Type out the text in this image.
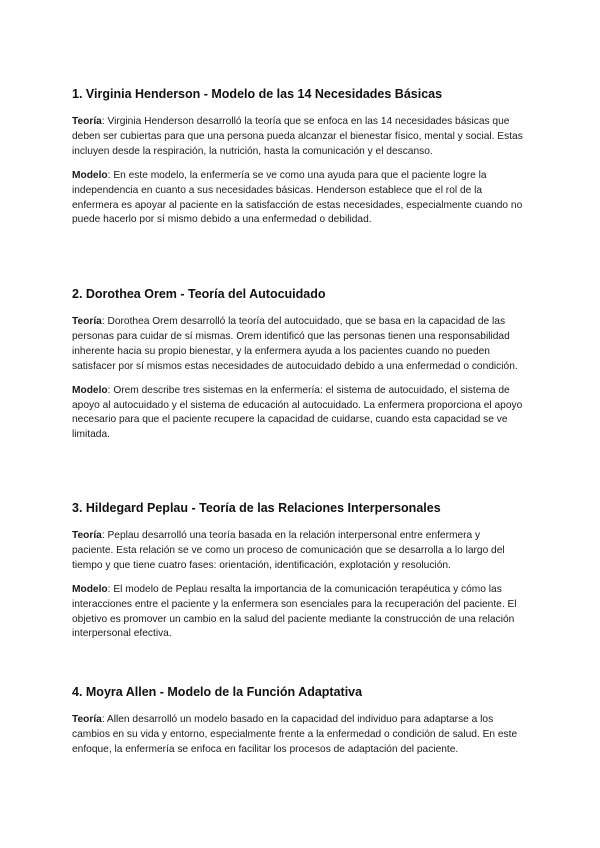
1. Virginia Henderson - Modelo de las 14 Necesidades Básicas

Teoría: Virginia Henderson desarrolló la teoría que se enfoca en las 14 necesidades básicas que deben ser cubiertas para que una persona pueda alcanzar el bienestar físico, mental y social. Estas incluyen desde la respiración, la nutrición, hasta la comunicación y el descanso.

Modelo: En este modelo, la enfermería se ve como una ayuda para que el paciente logre la independencia en cuanto a sus necesidades básicas. Henderson establece que el rol de la enfermera es apoyar al paciente en la satisfacción de estas necesidades, especialmente cuando no puede hacerlo por sí mismo debido a una enfermedad o debilidad.

2. Dorothea Orem - Teoría del Autocuidado

Teoría: Dorothea Orem desarrolló la teoría del autocuidado, que se basa en la capacidad de las personas para cuidar de sí mismas. Orem identificó que las personas tienen una responsabilidad inherente hacia su propio bienestar, y la enfermera ayuda a los pacientes cuando no pueden satisfacer por sí mismos estas necesidades de autocuidado debido a una enfermedad o condición.

Modelo: Orem describe tres sistemas en la enfermería: el sistema de autocuidado, el sistema de apoyo al autocuidado y el sistema de educación al autocuidado. La enfermera proporciona el apoyo necesario para que el paciente recupere la capacidad de cuidarse, cuando esta capacidad se ve limitada.

3. Hildegard Peplau - Teoría de las Relaciones Interpersonales

Teoría: Peplau desarrolló una teoría basada en la relación interpersonal entre enfermera y paciente. Esta relación se ve como un proceso de comunicación que se desarrolla a lo largo del tiempo y que tiene cuatro fases: orientación, identificación, explotación y resolución.

Modelo: El modelo de Peplau resalta la importancia de la comunicación terapéutica y cómo las interacciones entre el paciente y la enfermera son esenciales para la recuperación del paciente. El objetivo es promover un cambio en la salud del paciente mediante la construcción de una relación interpersonal efectiva.

4. Moyra Allen - Modelo de la Función Adaptativa

Teoría: Allen desarrolló un modelo basado en la capacidad del individuo para adaptarse a los cambios en su vida y entorno, especialmente frente a la enfermedad o condición de salud. En este enfoque, la enfermería se enfoca en facilitar los procesos de adaptación del paciente.
